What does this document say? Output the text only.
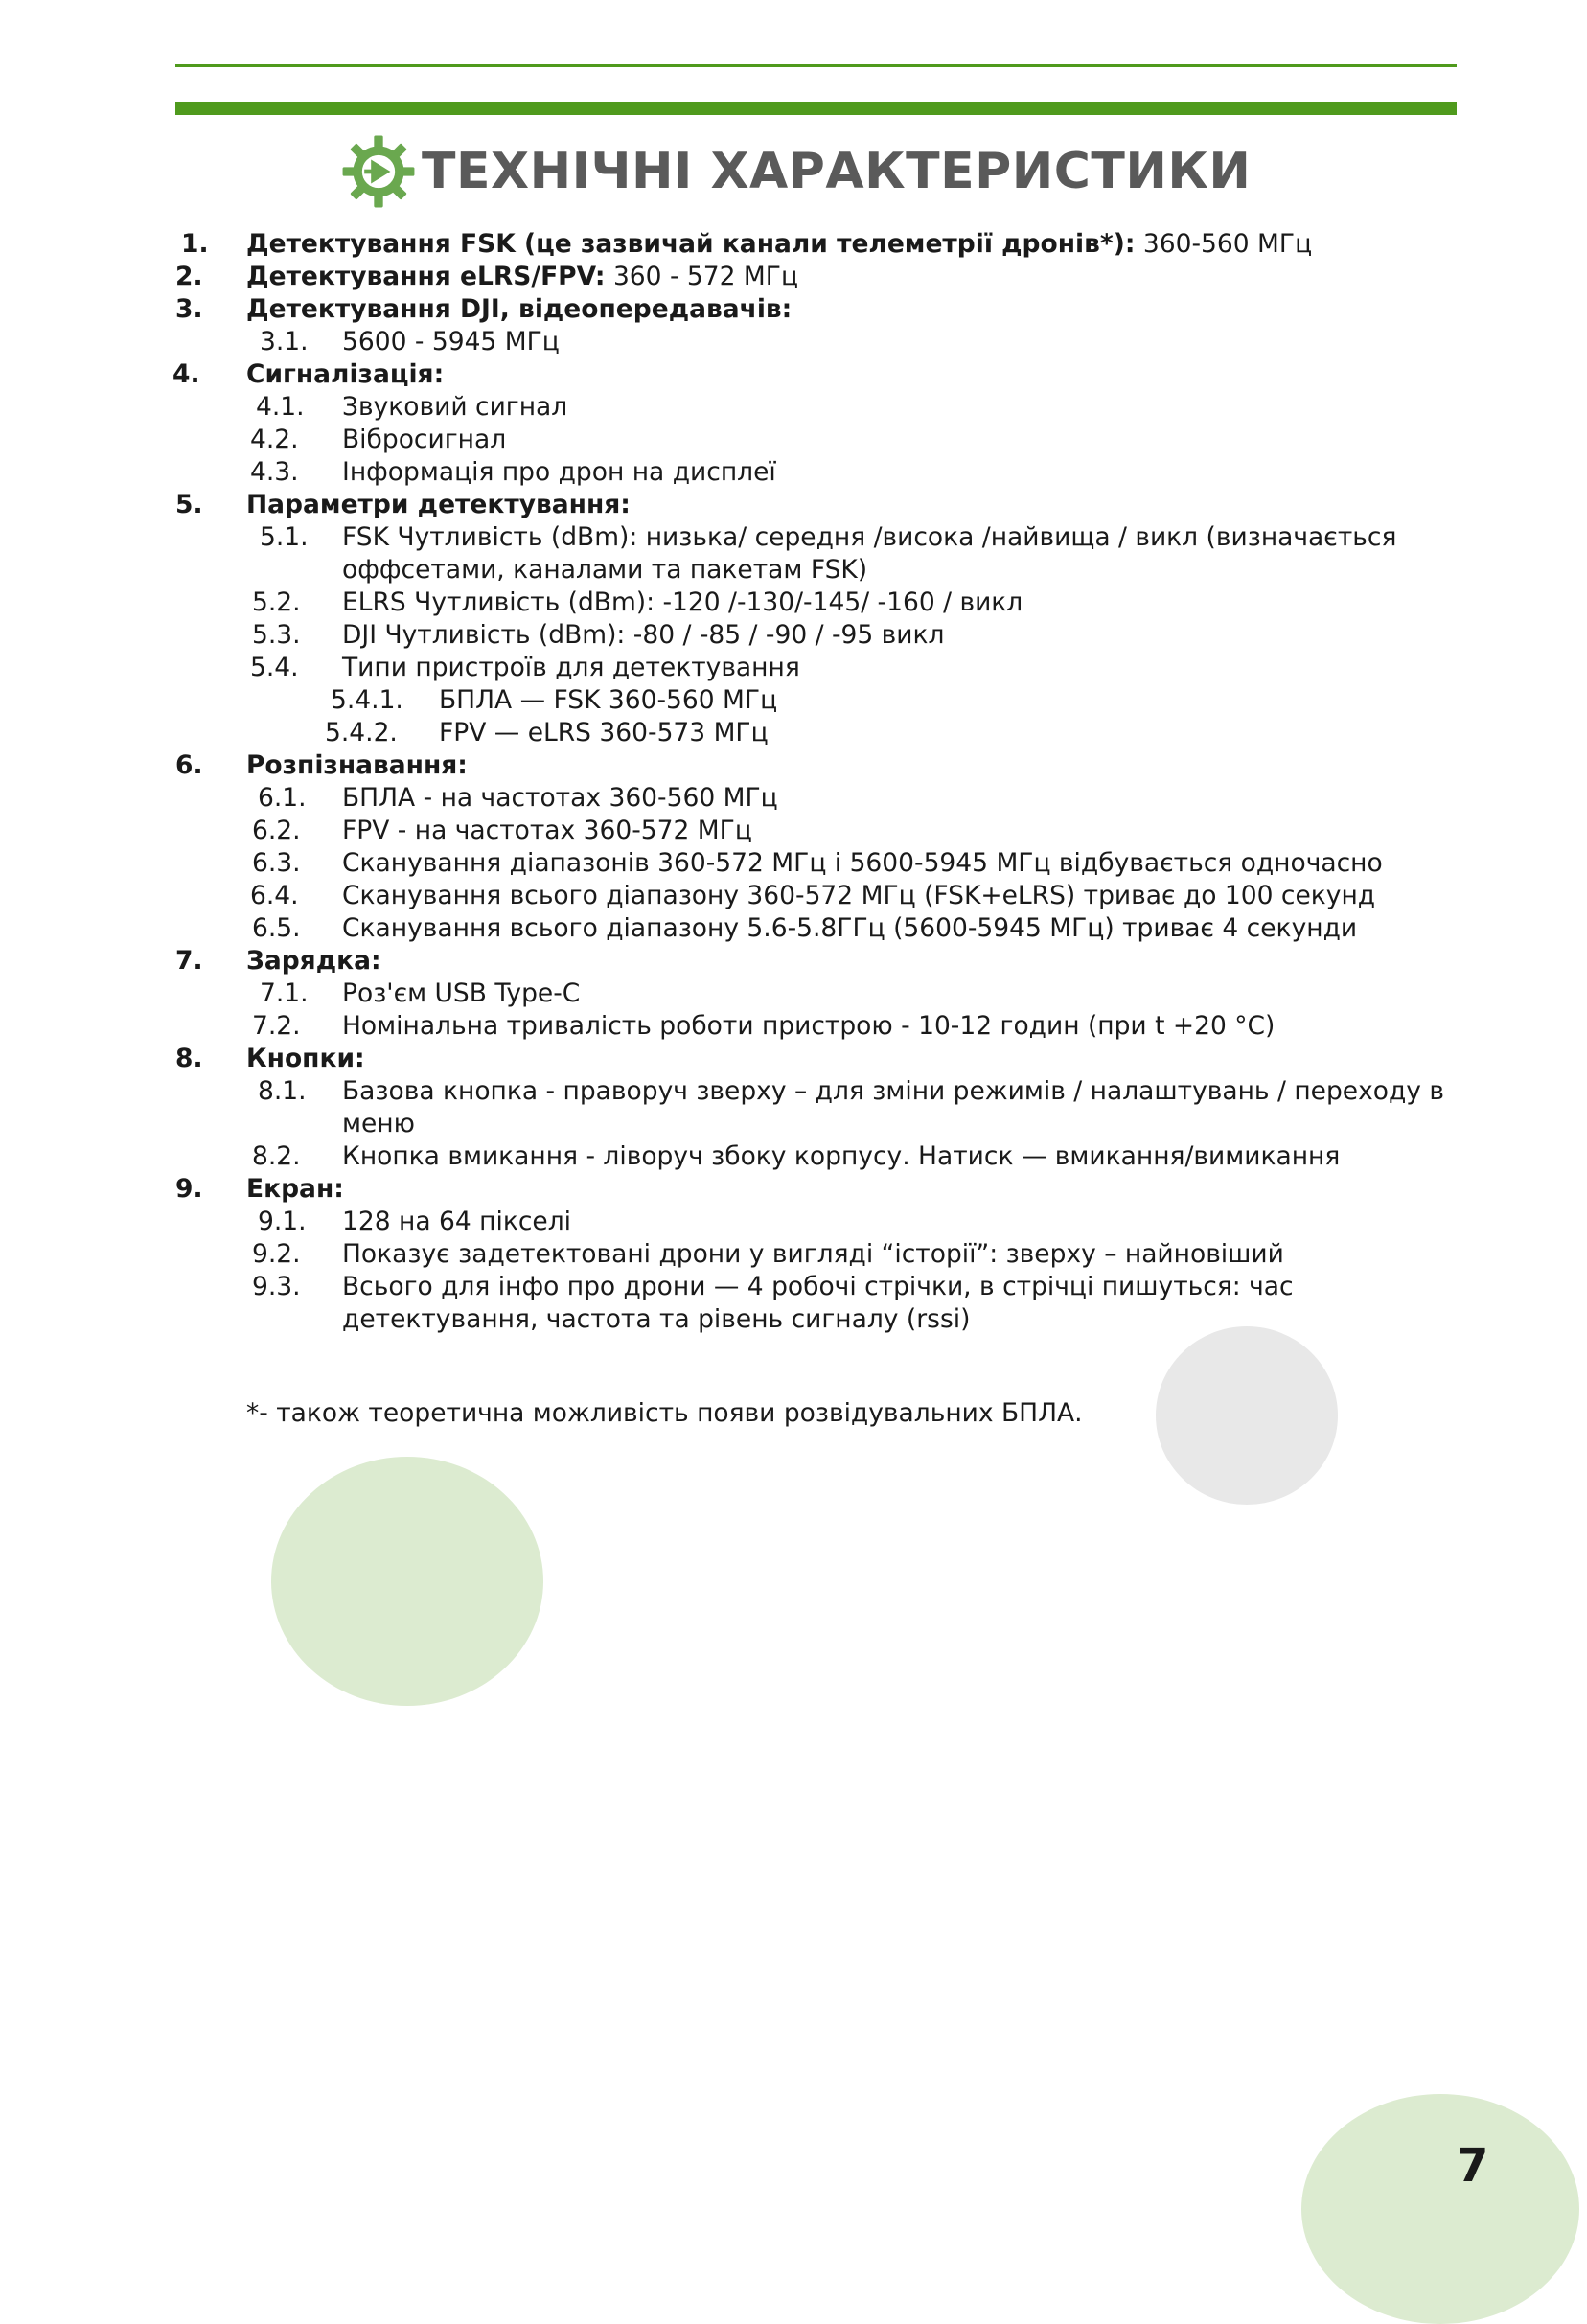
ТЕХНІЧНІ ХАРАКТЕРИСТИКИ
1. Детектування FSK (це зазвичай канали телеметрії дронів*): 360-560 МГц
2. Детектування eLRS/FPV: 360 - 572 МГц
3. Детектування DJI, відеопередавачів:
3.1. 5600 - 5945 МГц
4. Сигналізація:
4.1. Звуковий сигнал
4.2. Вібросигнал
4.3. Інформація про дрон на дисплеї
5. Параметри детектування:
5.1. FSK Чутливість (dBm): низька/ середня /висока /найвища / викл (визначається
оффсетами, каналами та пакетам FSK)
5.2. ELRS Чутливість (dBm): -120 /-130/-145/ -160 / викл
5.3. DJI Чутливість (dBm): -80 / -85 / -90 / -95 викл
5.4. Типи пристроїв для детектування
5.4.1. БПЛА — FSK 360-560 МГц
5.4.2. FPV — eLRS 360-573 МГц
6. Розпізнавання:
6.1. БПЛА - на частотах 360-560 МГц
6.2. FPV - на частотах 360-572 МГц
6.3. Сканування діапазонів 360-572 МГц і 5600-5945 МГц відбувається одночасно
6.4. Сканування всього діапазону 360-572 МГц (FSK+eLRS) триває до 100 секунд
6.5. Сканування всього діапазону 5.6-5.8ГГц (5600-5945 МГц) триває 4 секунди
7. Зарядка:
7.1. Роз'єм USB Type-C
7.2. Номінальна тривалість роботи пристрою - 10-12 годин (при t +20 °C)
8. Кнопки:
8.1. Базова кнопка - праворуч зверху – для зміни режимів / налаштувань / переходу в
меню
8.2. Кнопка вмикання - ліворуч збоку корпусу. Натиск — вмикання/вимикання
9. Екран:
9.1. 128 на 64 пікселі
9.2. Показує задетектовані дрони у вигляді “історії”: зверху – найновіший
9.3. Всього для інфо про дрони — 4 робочі стрічки, в стрічці пишуться: час
детектування, частота та рівень сигналу (rssi)
*- також теоретична можливість появи розвідувальних БПЛА.
7
